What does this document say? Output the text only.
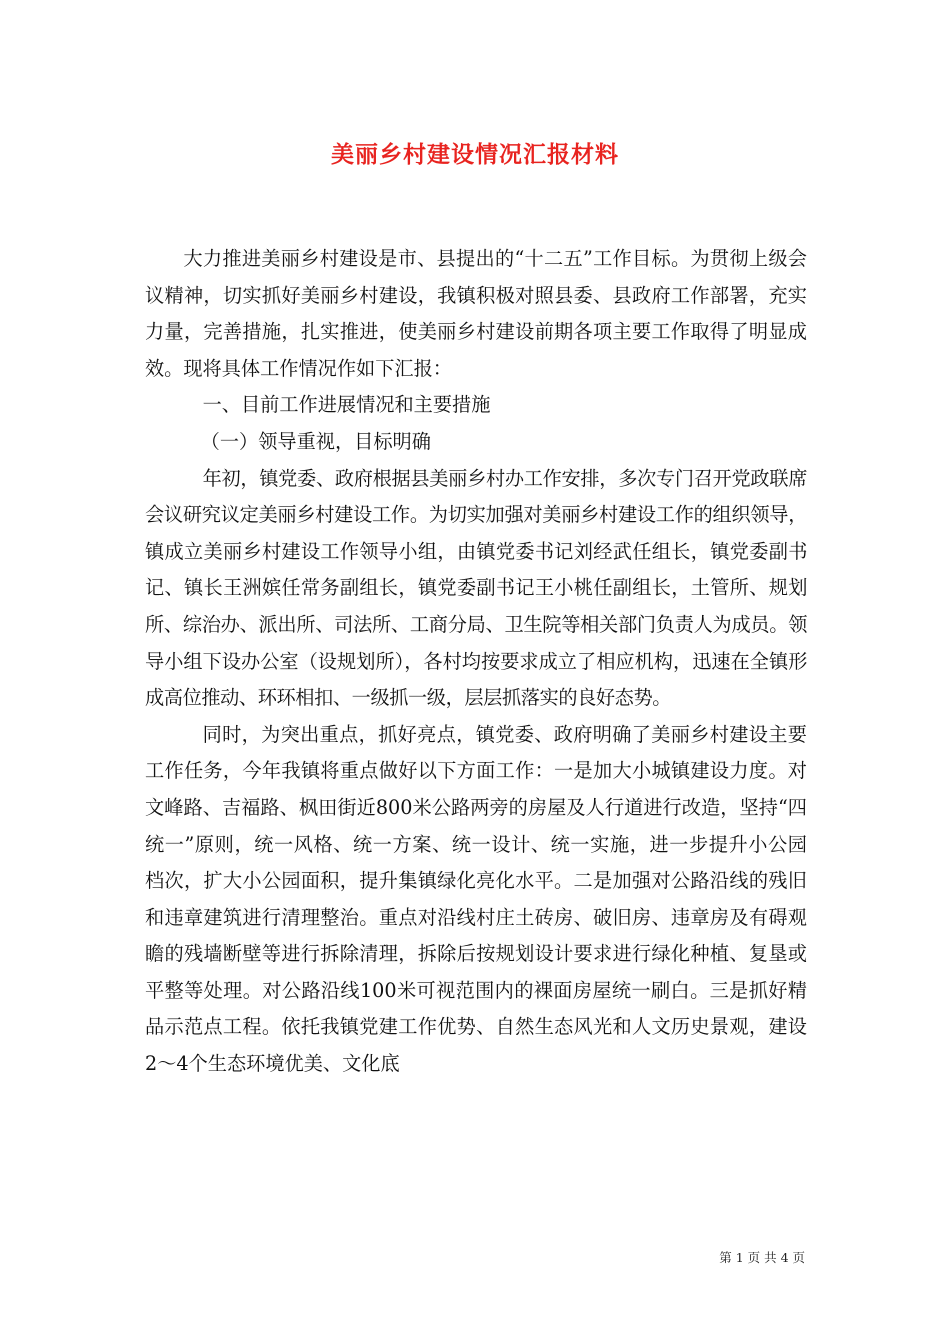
美丽乡村建设情况汇报材料

大力推进美丽乡村建设是市、县提出的“十二五”工作目标。为贯彻上级会议精神，切实抓好美丽乡村建设，我镇积极对照县委、县政府工作部署，充实力量，完善措施，扎实推进，使美丽乡村建设前期各项主要工作取得了明显成效。现将具体工作情况作如下汇报：

一、目前工作进展情况和主要措施

（一）领导重视，目标明确

年初，镇党委、政府根据县美丽乡村办工作安排，多次专门召开党政联席会议研究议定美丽乡村建设工作。为切实加强对美丽乡村建设工作的组织领导，镇成立美丽乡村建设工作领导小组，由镇党委书记刘经武任组长，镇党委副书记、镇长王洲嫔任常务副组长，镇党委副书记王小桃任副组长，土管所、规划所、综治办、派出所、司法所、工商分局、卫生院等相关部门负责人为成员。领导小组下设办公室（设规划所），各村均按要求成立了相应机构，迅速在全镇形成高位推动、环环相扣、一级抓一级，层层抓落实的良好态势。

同时，为突出重点，抓好亮点，镇党委、政府明确了美丽乡村建设主要工作任务，今年我镇将重点做好以下方面工作：一是加大小城镇建设力度。对文峰路、吉福路、枫田街近800米公路两旁的房屋及人行道进行改造，坚持“四统一”原则，统一风格、统一方案、统一设计、统一实施，进一步提升小公园档次，扩大小公园面积，提升集镇绿化亮化水平。二是加强对公路沿线的残旧和违章建筑进行清理整治。重点对沿线村庄土砖房、破旧房、违章房及有碍观瞻的残墙断壁等进行拆除清理，拆除后按规划设计要求进行绿化种植、复垦或平整等处理。对公路沿线100米可视范围内的裸面房屋统一刷白。三是抓好精品示范点工程。依托我镇党建工作优势、自然生态风光和人文历史景观，建设2～4个生态环境优美、文化底

第 1 页 共 4 页
